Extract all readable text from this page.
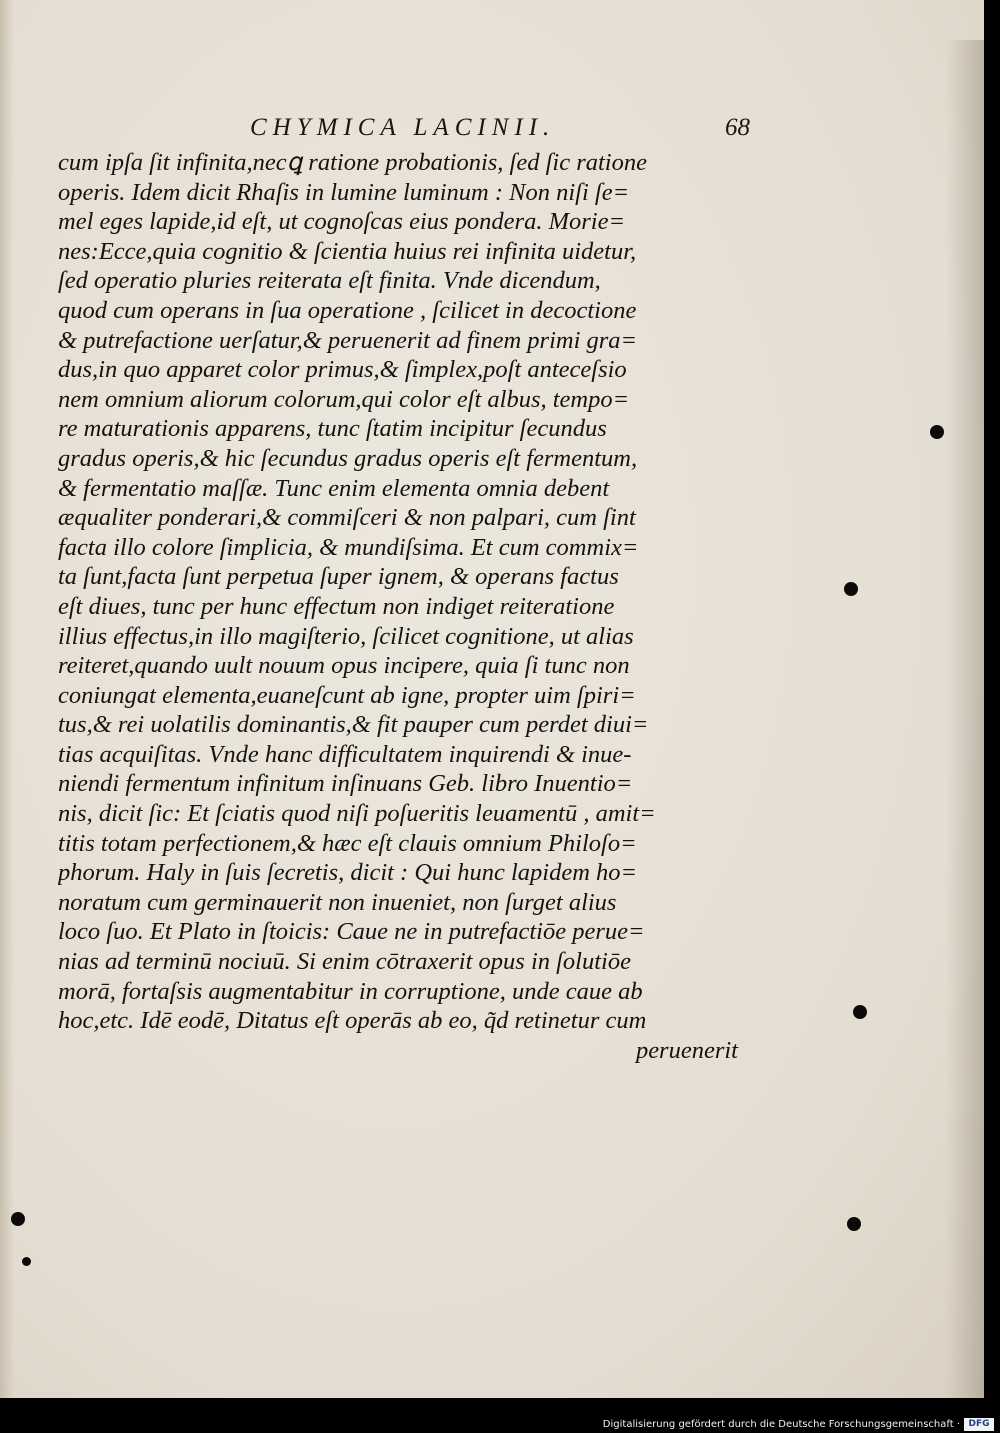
CHYMICA LACINII.	68
cum ipſa ſit infinita,necꝗ ratione probationis, ſed ſic ratione
operis. Idem dicit Rhaſis in lumine luminum : Non niſi ſe=
mel eges lapide,id eſt, ut cognoſcas eius pondera. Morie=
nes:Ecce,quia cognitio & ſcientia huius rei infinita uidetur,
ſed operatio pluries reiterata eſt finita. Vnde dicendum,
quod cum operans in ſua operatione , ſcilicet in decoctione
& putrefactione uerſatur,& peruenerit ad finem primi gra=
dus,in quo apparet color primus,& ſimplex,poſt anteceſsio
nem omnium aliorum colorum,qui color eſt albus, tempo=
re maturationis apparens, tunc ſtatim incipitur ſecundus
gradus operis,& hic ſecundus gradus operis eſt fermentum,
& fermentatio maſſæ. Tunc enim elementa omnia debent
æqualiter ponderari,& commiſceri & non palpari, cum ſint
facta illo colore ſimplicia, & mundiſsima. Et cum commix=
ta ſunt,facta ſunt perpetua ſuper ignem, & operans factus
eſt diues, tunc per hunc effectum non indiget reiteratione
illius effectus,in illo magiſterio, ſcilicet cognitione, ut alias
reiteret,quando uult nouum opus incipere, quia ſi tunc non
coniungat elementa,euaneſcunt ab igne, propter uim ſpiri=
tus,& rei uolatilis dominantis,& fit pauper cum perdet diui=
tias acquiſitas. Vnde hanc difficultatem inquirendi & inue-
niendi fermentum infinitum inſinuans Geb. libro Inuentio=
nis, dicit ſic: Et ſciatis quod niſi poſueritis leuamentū , amit=
titis totam perfectionem,& hæc eſt clauis omnium Philoſo=
phorum. Haly in ſuis ſecretis, dicit : Qui hunc lapidem ho=
noratum cum germinauerit non inueniet, non ſurget alius
loco ſuo. Et Plato in ſtoicis: Caue ne in putrefactiōe perue=
nias ad terminū nociuū. Si enim cōtraxerit opus in ſolutiōe
morā, fortaſsis augmentabitur in corruptione, unde caue ab
hoc,etc. Idē eodē, Ditatus eſt operās ab eo, q̃d retinetur cum
peruenerit
Digitalisierung gefördert durch die Deutsche Forschungsgemeinschaft · DFG
